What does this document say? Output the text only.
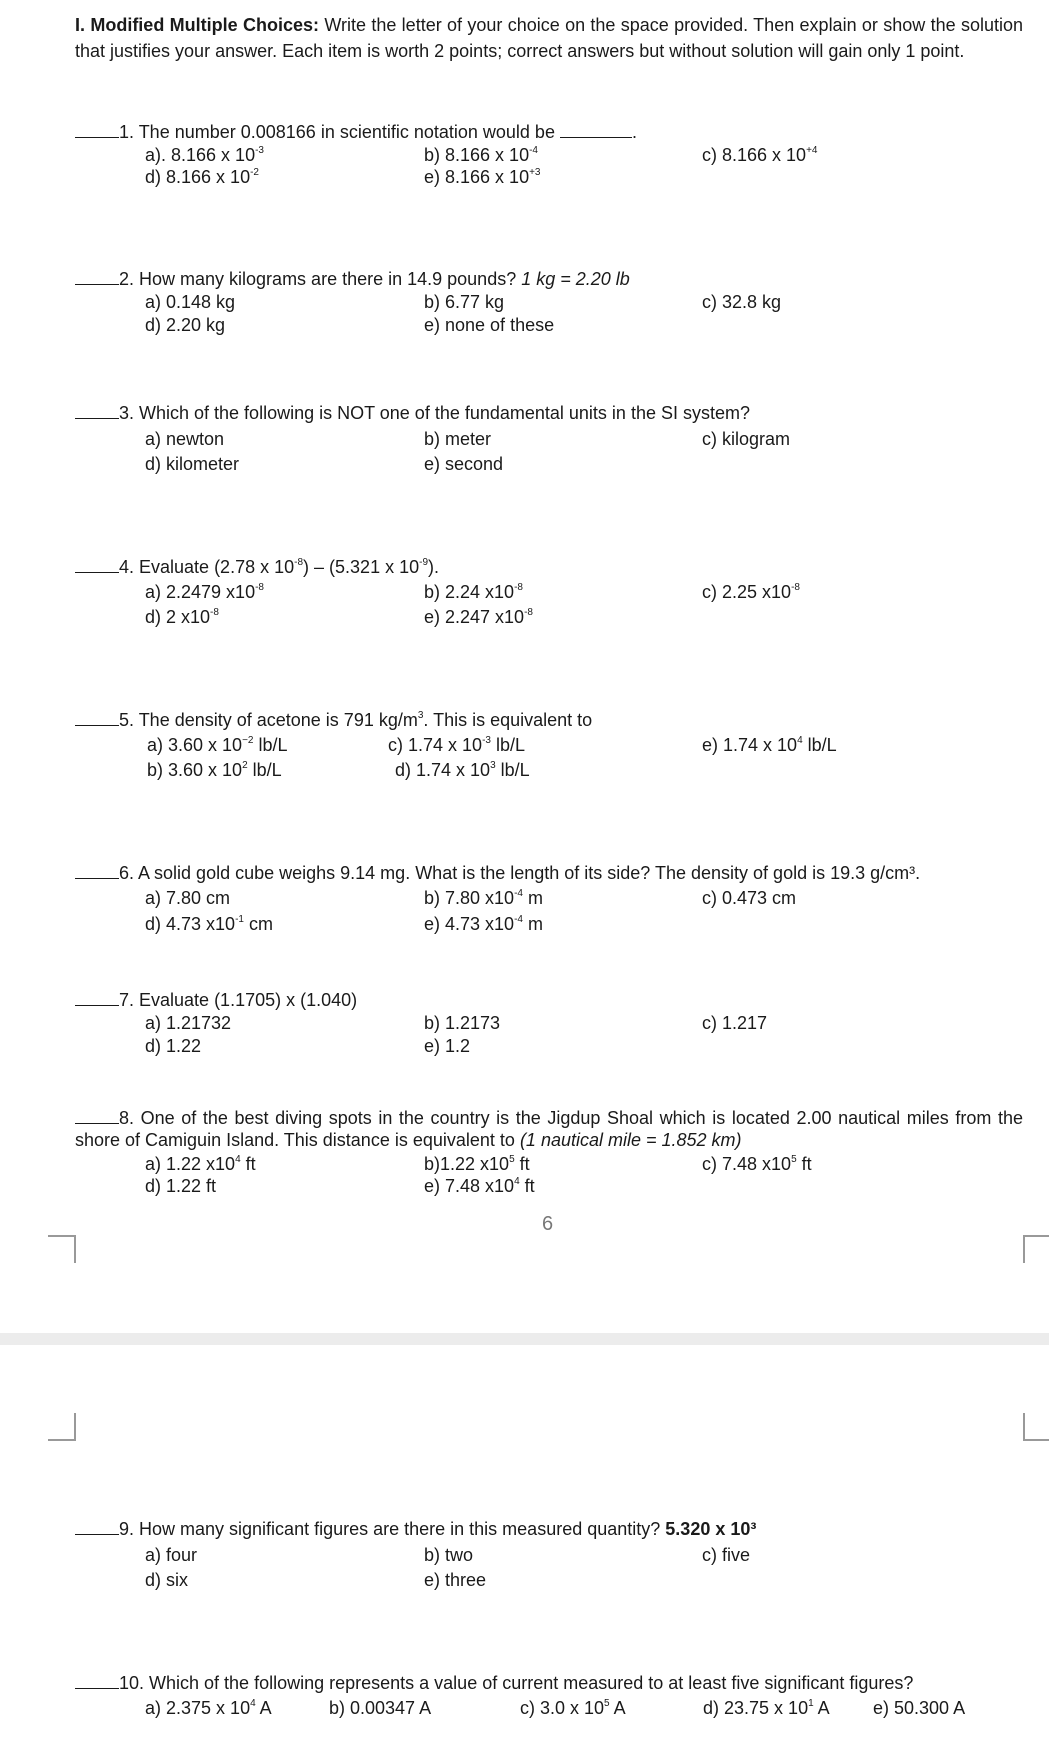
I. Modified Multiple Choices: Write the letter of your choice on the space provided. Then explain or show the solution that justifies your answer. Each item is worth 2 points; correct answers but without solution will gain only 1 point.
1. The number 0.008166 in scientific notation would be	.
a). 8.166 x $10^{-3}$	b) 8.166 x $10^{-4}$	c) 8.166 x $10^{+4}$
d) 8.166 x $10^{-2}$	e) 8.166 x $10^{+3}$
2. How many kilograms are there in 14.9 pounds? 1 kg = 2.20 lb
a) 0.148 kg	b) 6.77 kg	c) 32.8 kg
d) 2.20 kg	e) none of these
3. Which of the following is NOT one of the fundamental units in the SI system?
a) newton	b) meter	c) kilogram
d) kilometer	e) second
4. Evaluate (2.78 x $10^{-8}) - (5.321$ x $10^{-9}$).
a) 2.2479 $x10^{-8}$	b) 2.24 $x10^{-8}$	c) 2.25 $x10^{-8}$
d) 2 $x10^{-8}$	e) 2.247 $x10^{-8}$
5. The density of acetone is 791 $kg/m^3$. This is equivalent to
a) 3.60 x $10^{-2}$ lb/L	c) 1.74 x $10^{-3}$ lb/L	e) 1.74 x $10^4$ lb/L
b) 3.60 x $10^2$ lb/L	d) 1.74 x $10^3$ lb/L
6. A solid gold cube weighs 9.14 mg. What is the length of its side? The density of gold is 19.3 g/cm³.
a) 7.80 cm	b) 7.80 $x10^{-4}$ m	c) 0.473 cm
d) 4.73 $x10^{-1}$ cm	e) 4.73 $x10^{-4}$ m
7. Evaluate (1.1705) x (1.040)
a) 1.21732	b) 1.2173	c) 1.217
d) 1.22	e) 1.2
8. One of the best diving spots in the country is the Jigdup Shoal which is located 2.00 nautical miles from the shore of Camiguin Island. This distance is equivalent to (1 nautical mile = 1.852 km)
a) 1.22 $x10^4$ ft	b)1.22 $x10^5$ ft	c) 7.48 $x10^5$ ft
d) 1.22 ft	e) 7.48 $x10^4$ ft
6
9. How many significant figures are there in this measured quantity? 5.320 x 10³
a) four	b) two	c) five
d) six	e) three
10. Which of the following represents a value of current measured to at least five significant figures?
a) 2.375 x $10^4$ A	b) 0.00347 A	c) 3.0 x $10^5$ A	d) 23.75 x $10^1$ A e) 50.300 A
